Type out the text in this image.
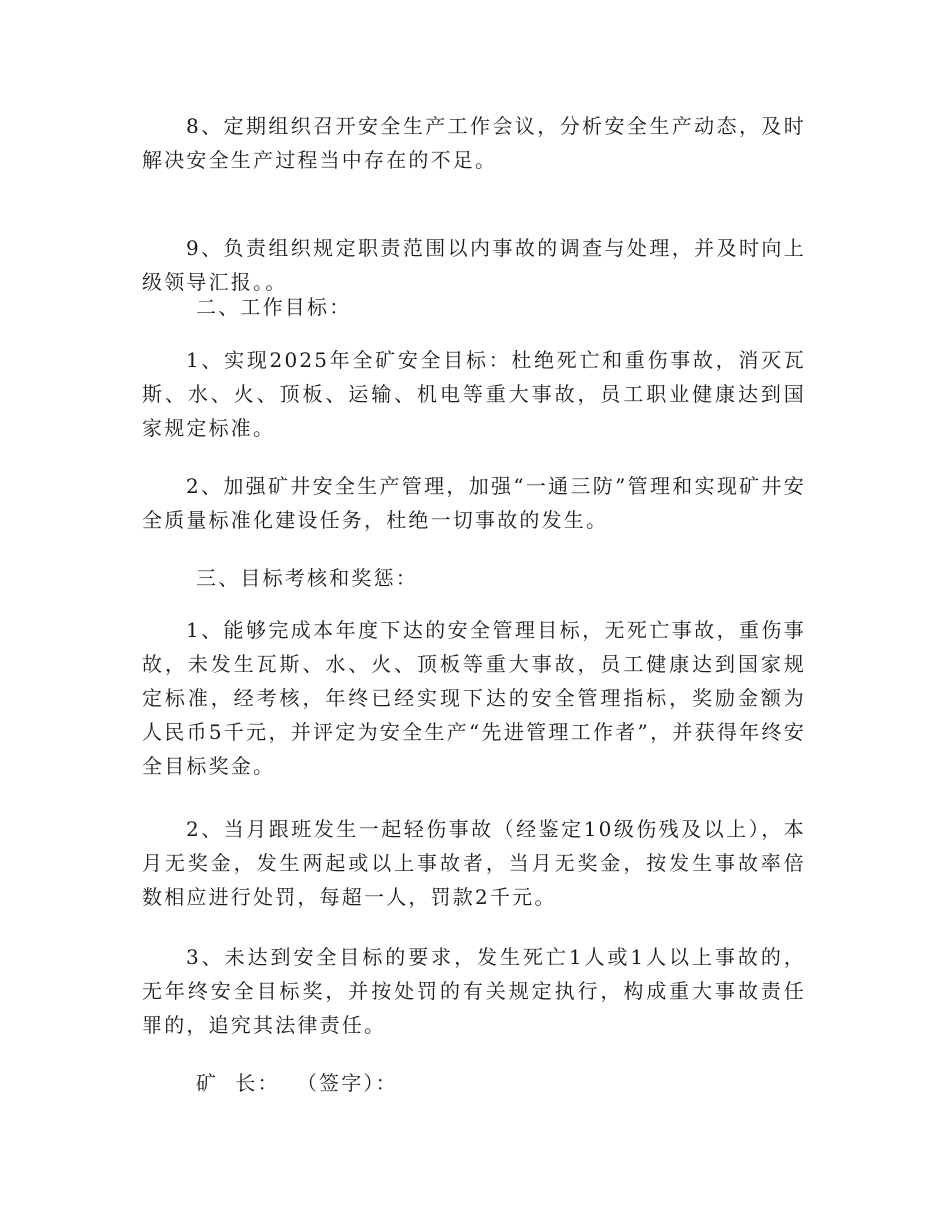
8、定期组织召开安全生产工作会议，分析安全生产动态，及时解决安全生产过程当中存在的不足。

9、负责组织规定职责范围以内事故的调查与处理，并及时向上级领导汇报。。

二、工作目标：

1、实现2025年全矿安全目标：杜绝死亡和重伤事故，消灭瓦斯、水、火、顶板、运输、机电等重大事故，员工职业健康达到国家规定标准。

2、加强矿井安全生产管理，加强“一通三防”管理和实现矿井安全质量标准化建设任务，杜绝一切事故的发生。

三、目标考核和奖惩：

1、能够完成本年度下达的安全管理目标，无死亡事故，重伤事故，未发生瓦斯、水、火、顶板等重大事故，员工健康达到国家规定标准，经考核，年终已经实现下达的安全管理指标，奖励金额为人民币5千元，并评定为安全生产“先进管理工作者”，并获得年终安全目标奖金。

2、当月跟班发生一起轻伤事故（经鉴定10级伤残及以上），本月无奖金，发生两起或以上事故者，当月无奖金，按发生事故率倍数相应进行处罚，每超一人，罚款2千元。

3、未达到安全目标的要求，发生死亡1人或1人以上事故的，无年终安全目标奖，并按处罚的有关规定执行，构成重大事故责任罪的，追究其法律责任。

矿  长：  （签字）：
